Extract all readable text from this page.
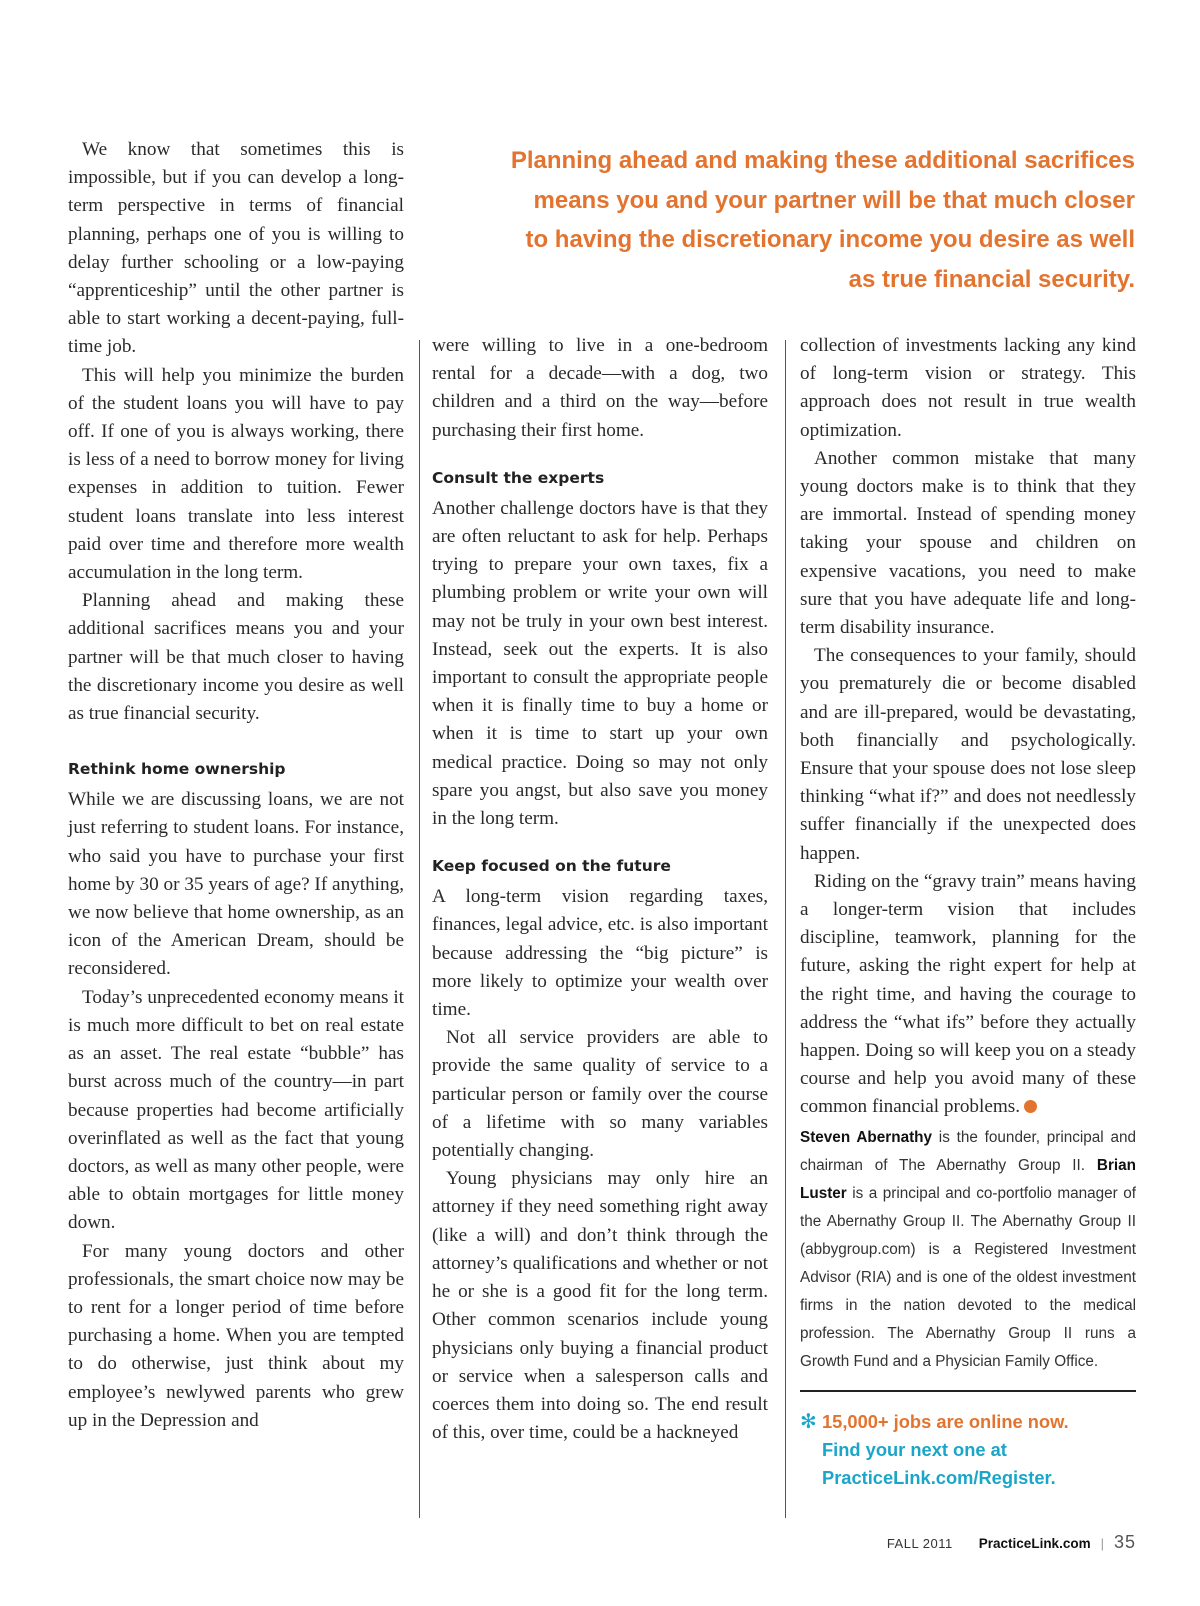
Planning ahead and making these additional sacrifices means you and your partner will be that much closer to having the discretionary income you desire as well as true financial security.

We know that sometimes this is impossible, but if you can develop a long-term perspective in terms of financial planning, perhaps one of you is willing to delay further schooling or a low-paying “apprenticeship” until the other partner is able to start working a decent-paying, full-time job.

This will help you minimize the burden of the student loans you will have to pay off. If one of you is always working, there is less of a need to borrow money for living expenses in addition to tuition. Fewer student loans translate into less interest paid over time and therefore more wealth accumulation in the long term.

Planning ahead and making these additional sacrifices means you and your partner will be that much closer to having the discretionary income you desire as well as true financial security.

Rethink home ownership

While we are discussing loans, we are not just referring to student loans. For instance, who said you have to purchase your first home by 30 or 35 years of age? If anything, we now believe that home ownership, as an icon of the American Dream, should be reconsidered.

Today’s unprecedented economy means it is much more difficult to bet on real estate as an asset. The real estate “bubble” has burst across much of the country—in part because properties had become artificially overinflated as well as the fact that young doctors, as well as many other people, were able to obtain mortgages for little money down.

For many young doctors and other professionals, the smart choice now may be to rent for a longer period of time before purchasing a home. When you are tempted to do otherwise, just think about my employee’s newlywed parents who grew up in the Depression and

were willing to live in a one-bedroom rental for a decade—with a dog, two children and a third on the way—before purchasing their first home.

Consult the experts

Another challenge doctors have is that they are often reluctant to ask for help. Perhaps trying to prepare your own taxes, fix a plumbing problem or write your own will may not be truly in your own best interest. Instead, seek out the experts. It is also important to consult the appropriate people when it is finally time to buy a home or when it is time to start up your own medical practice. Doing so may not only spare you angst, but also save you money in the long term.

Keep focused on the future

A long-term vision regarding taxes, finances, legal advice, etc. is also important because addressing the “big picture” is more likely to optimize your wealth over time.

Not all service providers are able to provide the same quality of service to a particular person or family over the course of a lifetime with so many variables potentially changing.

Young physicians may only hire an attorney if they need something right away (like a will) and don’t think through the attorney’s qualifications and whether or not he or she is a good fit for the long term. Other common scenarios include young physicians only buying a financial product or service when a salesperson calls and coerces them into doing so. The end result of this, over time, could be a hackneyed

collection of investments lacking any kind of long-term vision or strategy. This approach does not result in true wealth optimization.

Another common mistake that many young doctors make is to think that they are immortal. Instead of spending money taking your spouse and children on expensive vacations, you need to make sure that you have adequate life and long-term disability insurance.

The consequences to your family, should you prematurely die or become disabled and are ill-prepared, would be devastating, both financially and psychologically. Ensure that your spouse does not lose sleep thinking “what if?” and does not needlessly suffer financially if the unexpected does happen.

Riding on the “gravy train” means having a longer-term vision that includes discipline, teamwork, planning for the future, asking the right expert for help at the right time, and having the courage to address the “what ifs” before they actually happen. Doing so will keep you on a steady course and help you avoid many of these common financial problems.

Steven Abernathy is the founder, principal and chairman of The Abernathy Group II. Brian Luster is a principal and co-portfolio manager of the Abernathy Group II. The Abernathy Group II (abbygroup.com) is a Registered Investment Advisor (RIA) and is one of the oldest investment firms in the nation devoted to the medical profession. The Abernathy Group II runs a Growth Fund and a Physician Family Office.
✻ 15,000+ jobs are online now.
Find your next one at
PracticeLink.com/Register.
FALL 2011 PracticeLink.com | 35
